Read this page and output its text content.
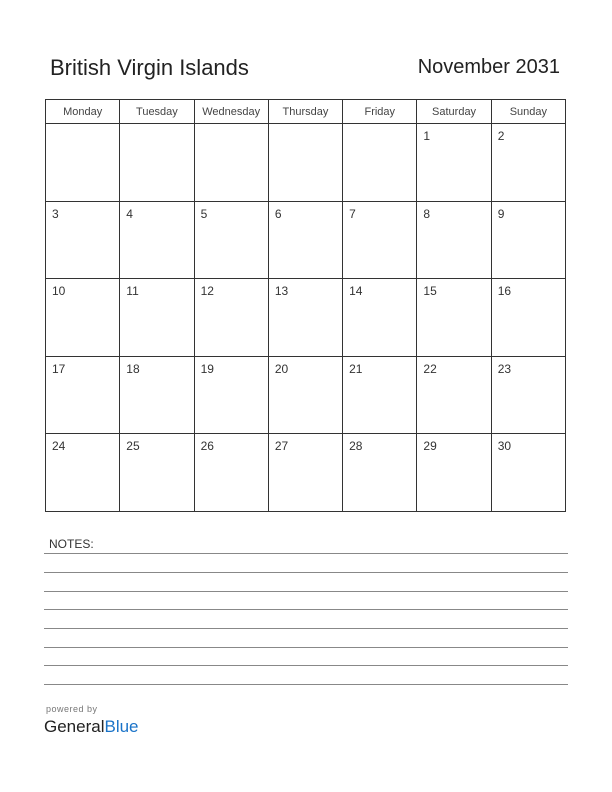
British Virgin Islands	November 2031
Monday	Tuesday	Wednesday	Thursday	Friday	Saturday	Sunday

					1	2

3	4	5	6	7	8	9

10	11	12	13	14	15	16

17	18	19	20	21	22	23

24	25	26	27	28	29	30
NOTES:
powered by
GeneralBlue
